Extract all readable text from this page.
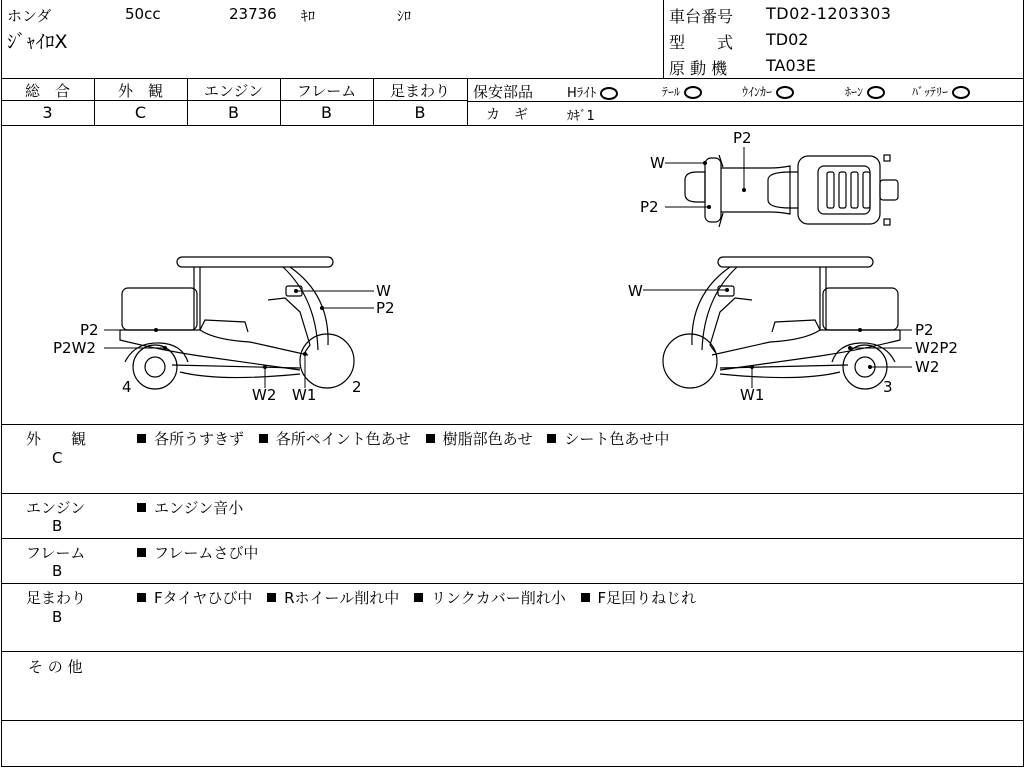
ホンダ	50cc	23736 ｷﾛ	ｼﾛ
ｼﾞｬｲﾛX
車台番号 TD02-1203303
型　　式 TD02
原 動 機 TA03E
総　合
3
外　観
C
エンジン
B
フレーム
B
足まわり
B
保安部品	Hﾗｲﾄ	ﾃｰﾙ	ｳｲﾝｶｰ	ﾎｰﾝ	ﾊﾞｯﾃﾘｰ
カ　ギ	ｶｷﾞ1
P2
W
P2
W
P2
P2
P2W2
4	W2 W1 2
W
P2
W2P2
W2
W1	3
外　　観
C
各所うすきず 各所ペイント色あせ 樹脂部色あせ シート色あせ中
エンジン
B
エンジン音小
フレーム
B
フレームさび中
足まわり
B
Fタイヤひび中 Rホイール削れ中 リンクカバー削れ小 F足回りねじれ
そ の 他
